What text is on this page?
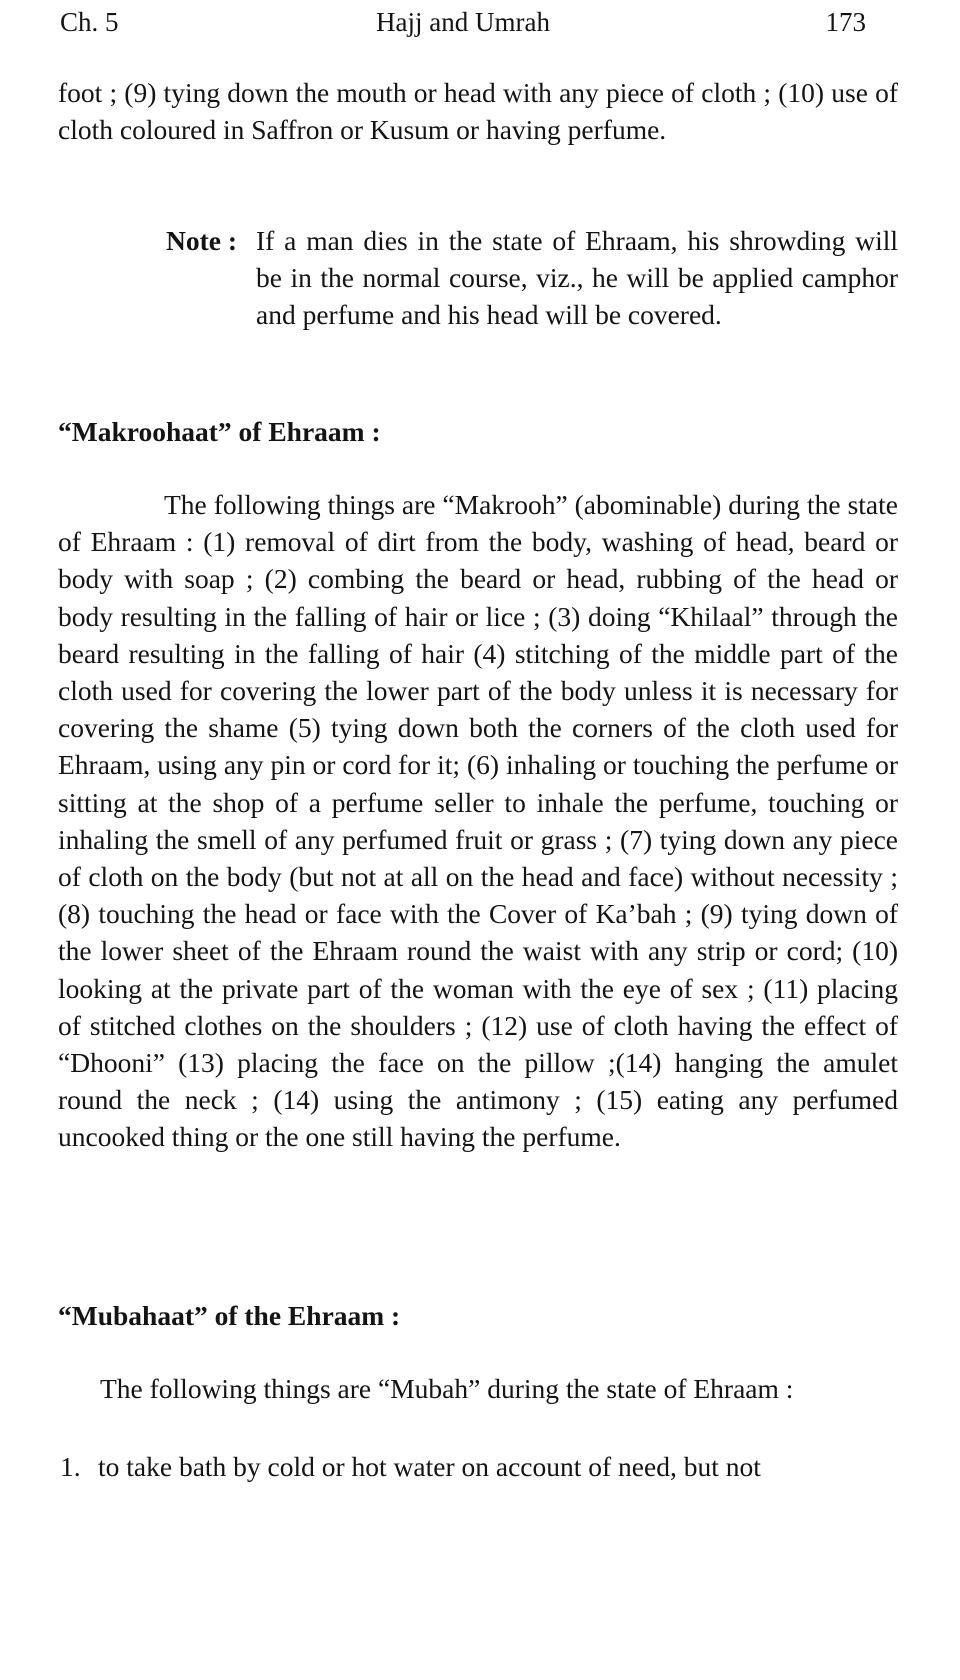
Ch. 5	Hajj and Umrah	173

foot ; (9) tying down the mouth or head with any piece of cloth ; (10) use of cloth coloured in Saffron or Kusum or having perfume.

Note : If a man dies in the state of Ehraam, his shrowding will be in the normal course, viz., he will be applied camphor and perfume and his head will be covered.

“Makroohaat” of Ehraam :

The following things are “Makrooh” (abominable) during the state of Ehraam : (1) removal of dirt from the body, washing of head, beard or body with soap ; (2) combing the beard or head, rubbing of the head or body resulting in the falling of hair or lice ; (3) doing “Khilaal” through the beard resulting in the falling of hair (4) stitching of the middle part of the cloth used for covering the lower part of the body unless it is necessary for covering the shame (5) tying down both the corners of the cloth used for Ehraam, using any pin or cord for it; (6) inhaling or touching the perfume or sitting at the shop of a perfume seller to inhale the perfume, touching or inhaling the smell of any perfumed fruit or grass ; (7) tying down any piece of cloth on the body (but not at all on the head and face) without necessity ; (8) touching the head or face with the Cover of Ka’bah ; (9) tying down of the lower sheet of the Ehraam round the waist with any strip or cord; (10) looking at the private part of the woman with the eye of sex ; (11) placing of stitched clothes on the shoulders ; (12) use of cloth having the effect of “Dhooni” (13) placing the face on the pillow ;(14) hanging the amulet round the neck ; (14) using the antimony ; (15) eating any perfumed uncooked thing or the one still having the perfume.

“Mubahaat” of the Ehraam :

The following things are “Mubah” during the state of Ehraam :

1. to take bath by cold or hot water on account of need, but not
